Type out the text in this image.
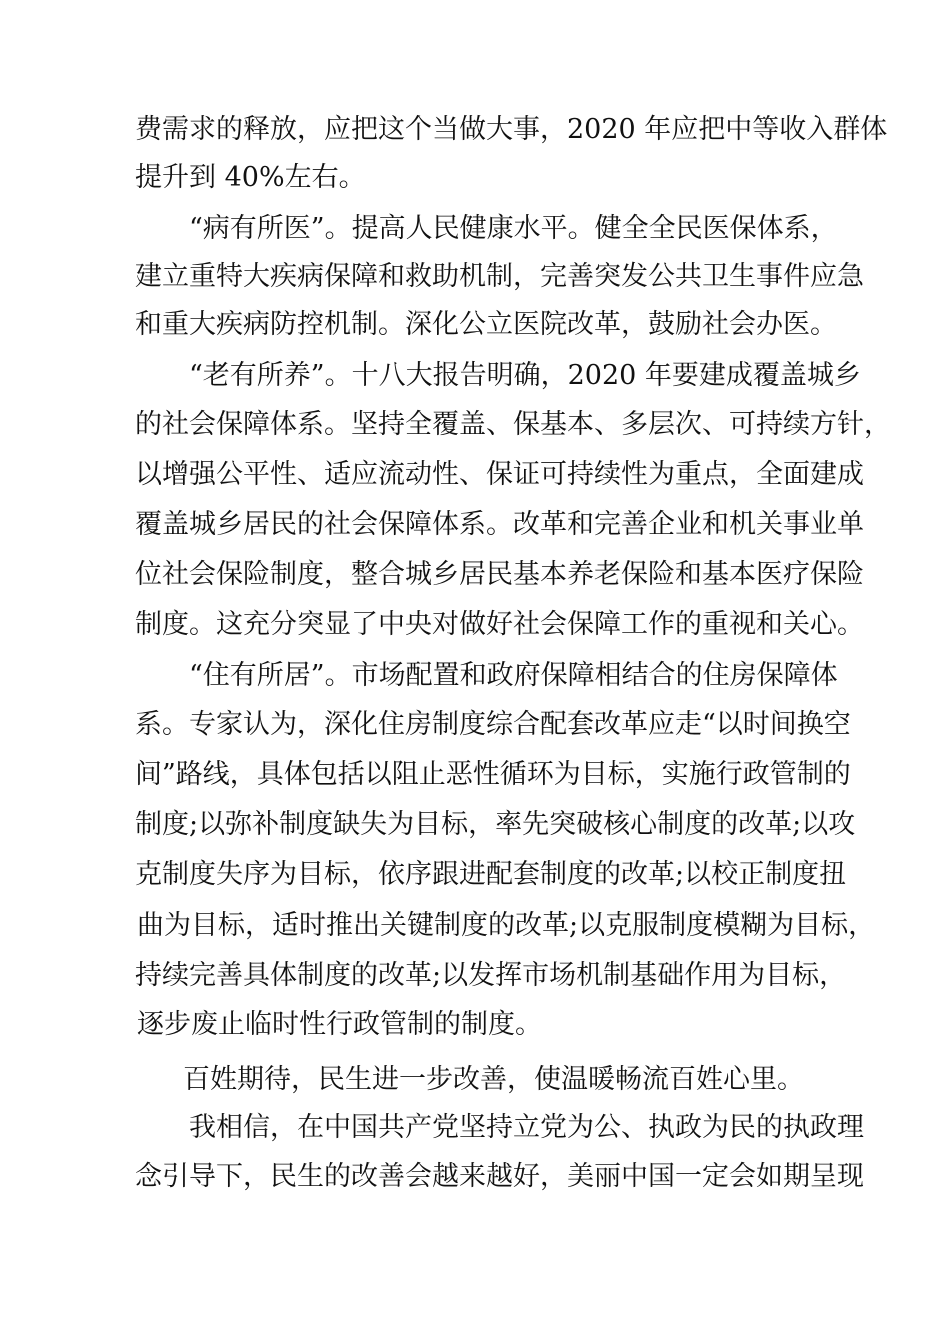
费需求的释放，应把这个当做大事，2020 年应把中等收入群体
提升到 40%左右。
“病有所医”。提高人民健康水平。健全全民医保体系，
建立重特大疾病保障和救助机制，完善突发公共卫生事件应急
和重大疾病防控机制。深化公立医院改革，鼓励社会办医。
“老有所养”。十八大报告明确，2020 年要建成覆盖城乡
的社会保障体系。坚持全覆盖、保基本、多层次、可持续方针，
以增强公平性、适应流动性、保证可持续性为重点，全面建成
覆盖城乡居民的社会保障体系。改革和完善企业和机关事业单
位社会保险制度，整合城乡居民基本养老保险和基本医疗保险
制度。这充分突显了中央对做好社会保障工作的重视和关心。
“住有所居”。市场配置和政府保障相结合的住房保障体
系。专家认为，深化住房制度综合配套改革应走“以时间换空
间”路线，具体包括以阻止恶性循环为目标，实施行政管制的
制度;以弥补制度缺失为目标，率先突破核心制度的改革;以攻
克制度失序为目标，依序跟进配套制度的改革;以校正制度扭
曲为目标，适时推出关键制度的改革;以克服制度模糊为目标，
持续完善具体制度的改革;以发挥市场机制基础作用为目标，
逐步废止临时性行政管制的制度。
百姓期待，民生进一步改善，使温暖畅流百姓心里。
我相信，在中国共产党坚持立党为公、执政为民的执政理
念引导下，民生的改善会越来越好，美丽中国一定会如期呈现
